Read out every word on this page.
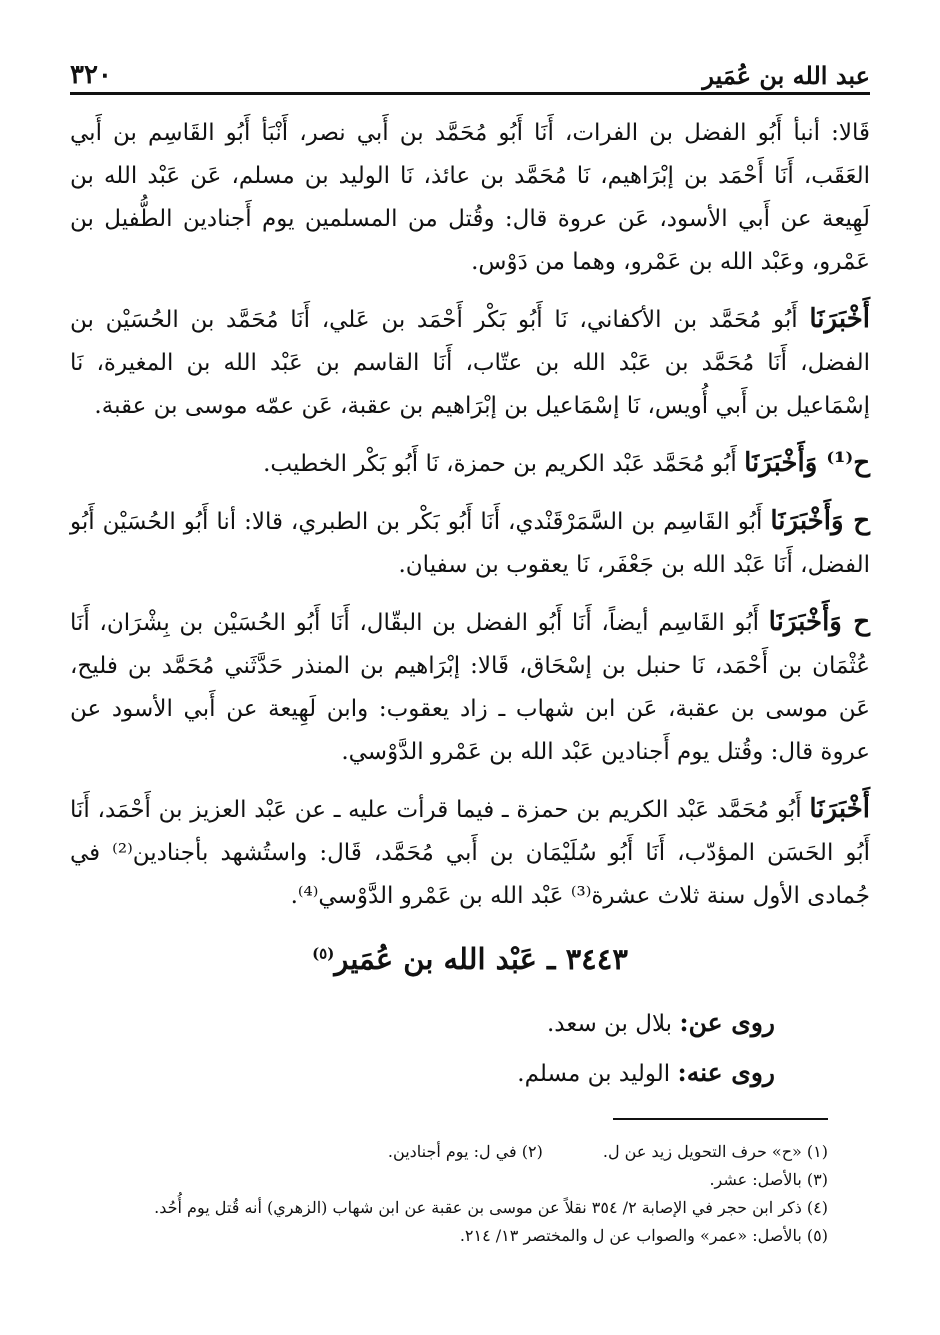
٣٢٠	عبد الله بن عُمَير

قَالا: أنبأ أَبُو الفضل بن الفرات، أَنَا أَبُو مُحَمَّد بن أَبي نصر، أَنْبَأ أَبُو القَاسِم بن أَبي العَقَب، أَنَا أَحْمَد بن إبْرَاهيم، نَا مُحَمَّد بن عائذ، نَا الوليد بن مسلم، عَن عَبْد الله بن لَهِيعة عن أَبي الأسود، عَن عروة قال: وقُتل من المسلمين يوم أَجنادين الطُّفيل بن عَمْرو، وعَبْد الله بن عَمْرو، وهما من دَوْس.

أَخْبَرَنَا أَبُو مُحَمَّد بن الأكفاني، نَا أَبُو بَكْر أَحْمَد بن عَلي، أَنَا مُحَمَّد بن الحُسَيْن بن الفضل، أَنَا مُحَمَّد بن عَبْد الله بن عتّاب، أَنَا القاسم بن عَبْد الله بن المغيرة، نَا إسْمَاعيل بن أَبي أُويس، نَا إسْمَاعيل بن إبْرَاهيم بن عقبة، عَن عمّه موسى بن عقبة.

ح⁽¹⁾ وَأَخْبَرَنَا أَبُو مُحَمَّد عَبْد الكريم بن حمزة، نَا أَبُو بَكْر الخطيب.

ح وَأَخْبَرَنَا أَبُو القَاسِم بن السَّمَرْقَنْدي، أَنَا أَبُو بَكْر بن الطبري، قالا: أنا أَبُو الحُسَيْن أَبُو الفضل، أَنَا عَبْد الله بن جَعْفَر، نَا يعقوب بن سفيان.

ح وَأَخْبَرَنَا أَبُو القَاسِم أيضاً، أَنَا أَبُو الفضل بن البقّال، أَنَا أَبُو الحُسَيْن بن بِشْرَان، أَنَا عُثْمَان بن أَحْمَد، نَا حنبل بن إسْحَاق، قَالا: إبْرَاهيم بن المنذر حَدَّثَني مُحَمَّد بن فليح، عَن موسى بن عقبة، عَن ابن شهاب ـ زاد يعقوب: وابن لَهِيعة عن أَبي الأسود عن عروة قال: وقُتل يوم أَجنادين عَبْد الله بن عَمْرو الدَّوْسي.

أَخْبَرَنَا أَبُو مُحَمَّد عَبْد الكريم بن حمزة ـ فيما قرأت عليه ـ عن عَبْد العزيز بن أَحْمَد، أَنَا أَبُو الحَسَن المؤدّب، أَنَا أَبُو سُلَيْمَان بن أَبي مُحَمَّد، قَال: واستُشهد بأجنادين⁽²⁾ في جُمادى الأول سنة ثلاث عشرة⁽³⁾ عَبْد الله بن عَمْرو الدَّوْسي⁽⁴⁾.

٣٤٤٣ ـ عَبْد الله بن عُمَير$^{(٥)}$
روى عن: بلال بن سعد.
روى عنه: الوليد بن مسلم.
(١) «ح» حرف التحويل زيد عن ل.
(٢) في ل: يوم أجنادين.
(٣) بالأصل: عشر.
(٤) ذكر ابن حجر في الإصابة ٢/ ٣٥٤ نقلاً عن موسى بن عقبة عن ابن شهاب (الزهري) أنه قُتل يوم أُحُد.
(٥) بالأصل: «عمر» والصواب عن ل والمختصر ١٣/ ٢١٤.
